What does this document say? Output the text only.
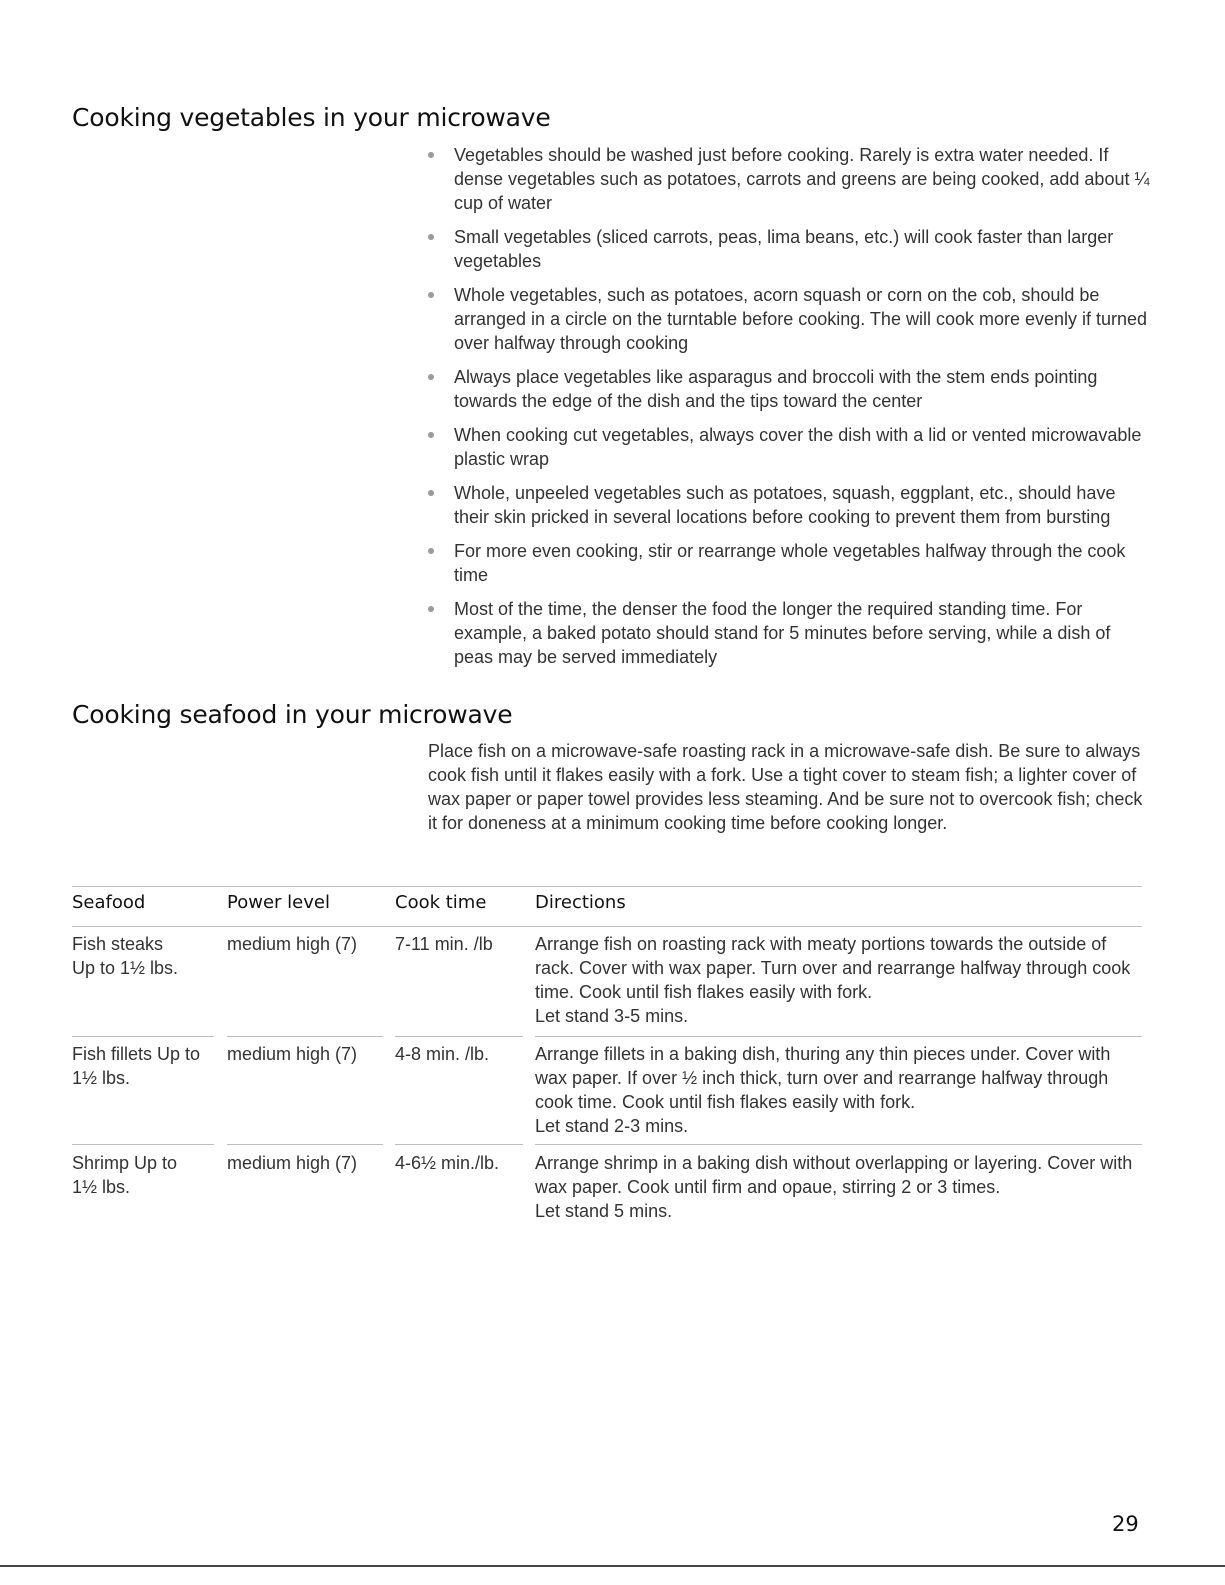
Cooking vegetables in your microwave
Vegetables should be washed just before cooking. Rarely is extra water needed. If dense vegetables such as potatoes, carrots and greens are being cooked, add about ¼ cup of water
Small vegetables (sliced carrots, peas, lima beans, etc.) will cook faster than larger vegetables
Whole vegetables, such as potatoes, acorn squash or corn on the cob, should be arranged in a circle on the turntable before cooking. The will cook more evenly if turned over halfway through cooking
Always place vegetables like asparagus and broccoli with the stem ends pointing towards the edge of the dish and the tips toward the center
When cooking cut vegetables, always cover the dish with a lid or vented microwavable plastic wrap
Whole, unpeeled vegetables such as potatoes, squash, eggplant, etc., should have their skin pricked in several locations before cooking to prevent them from bursting
For more even cooking, stir or rearrange whole vegetables halfway through the cook time
Most of the time, the denser the food the longer the required standing time. For example, a baked potato should stand for 5 minutes before serving, while a dish of peas may be served immediately
Cooking seafood in your microwave

Place fish on a microwave-safe roasting rack in a microwave-safe dish. Be sure to always cook fish until it flakes easily with a fork. Use a tight cover to steam fish; a lighter cover of wax paper or paper towel provides less steaming. And be sure not to overcook fish; check it for doneness at a minimum cooking time before cooking longer.

Seafood	Power level	Cook time	Directions
Fish steaks
Up to 1½ lbs.
medium high (7)	7-11 min. /lb	Arrange fish on roasting rack with meaty portions towards the outside of rack. Cover with wax paper. Turn over and rearrange halfway through cook time. Cook until fish flakes easily with fork.
Let stand 3-5 mins.
Fish fillets Up to
1½ lbs.
medium high (7)	4-8 min. /lb.	Arrange fillets in a baking dish, thuring any thin pieces under. Cover with wax paper. If over ½ inch thick, turn over and rearrange halfway through cook time. Cook until fish flakes easily with fork.
Let stand 2-3 mins.
Shrimp Up to
1½ lbs.
medium high (7)	4-6½ min./lb.	Arrange shrimp in a baking dish without overlapping or layering. Cover with wax paper. Cook until firm and opaue, stirring 2 or 3 times.
Let stand 5 mins.
29
